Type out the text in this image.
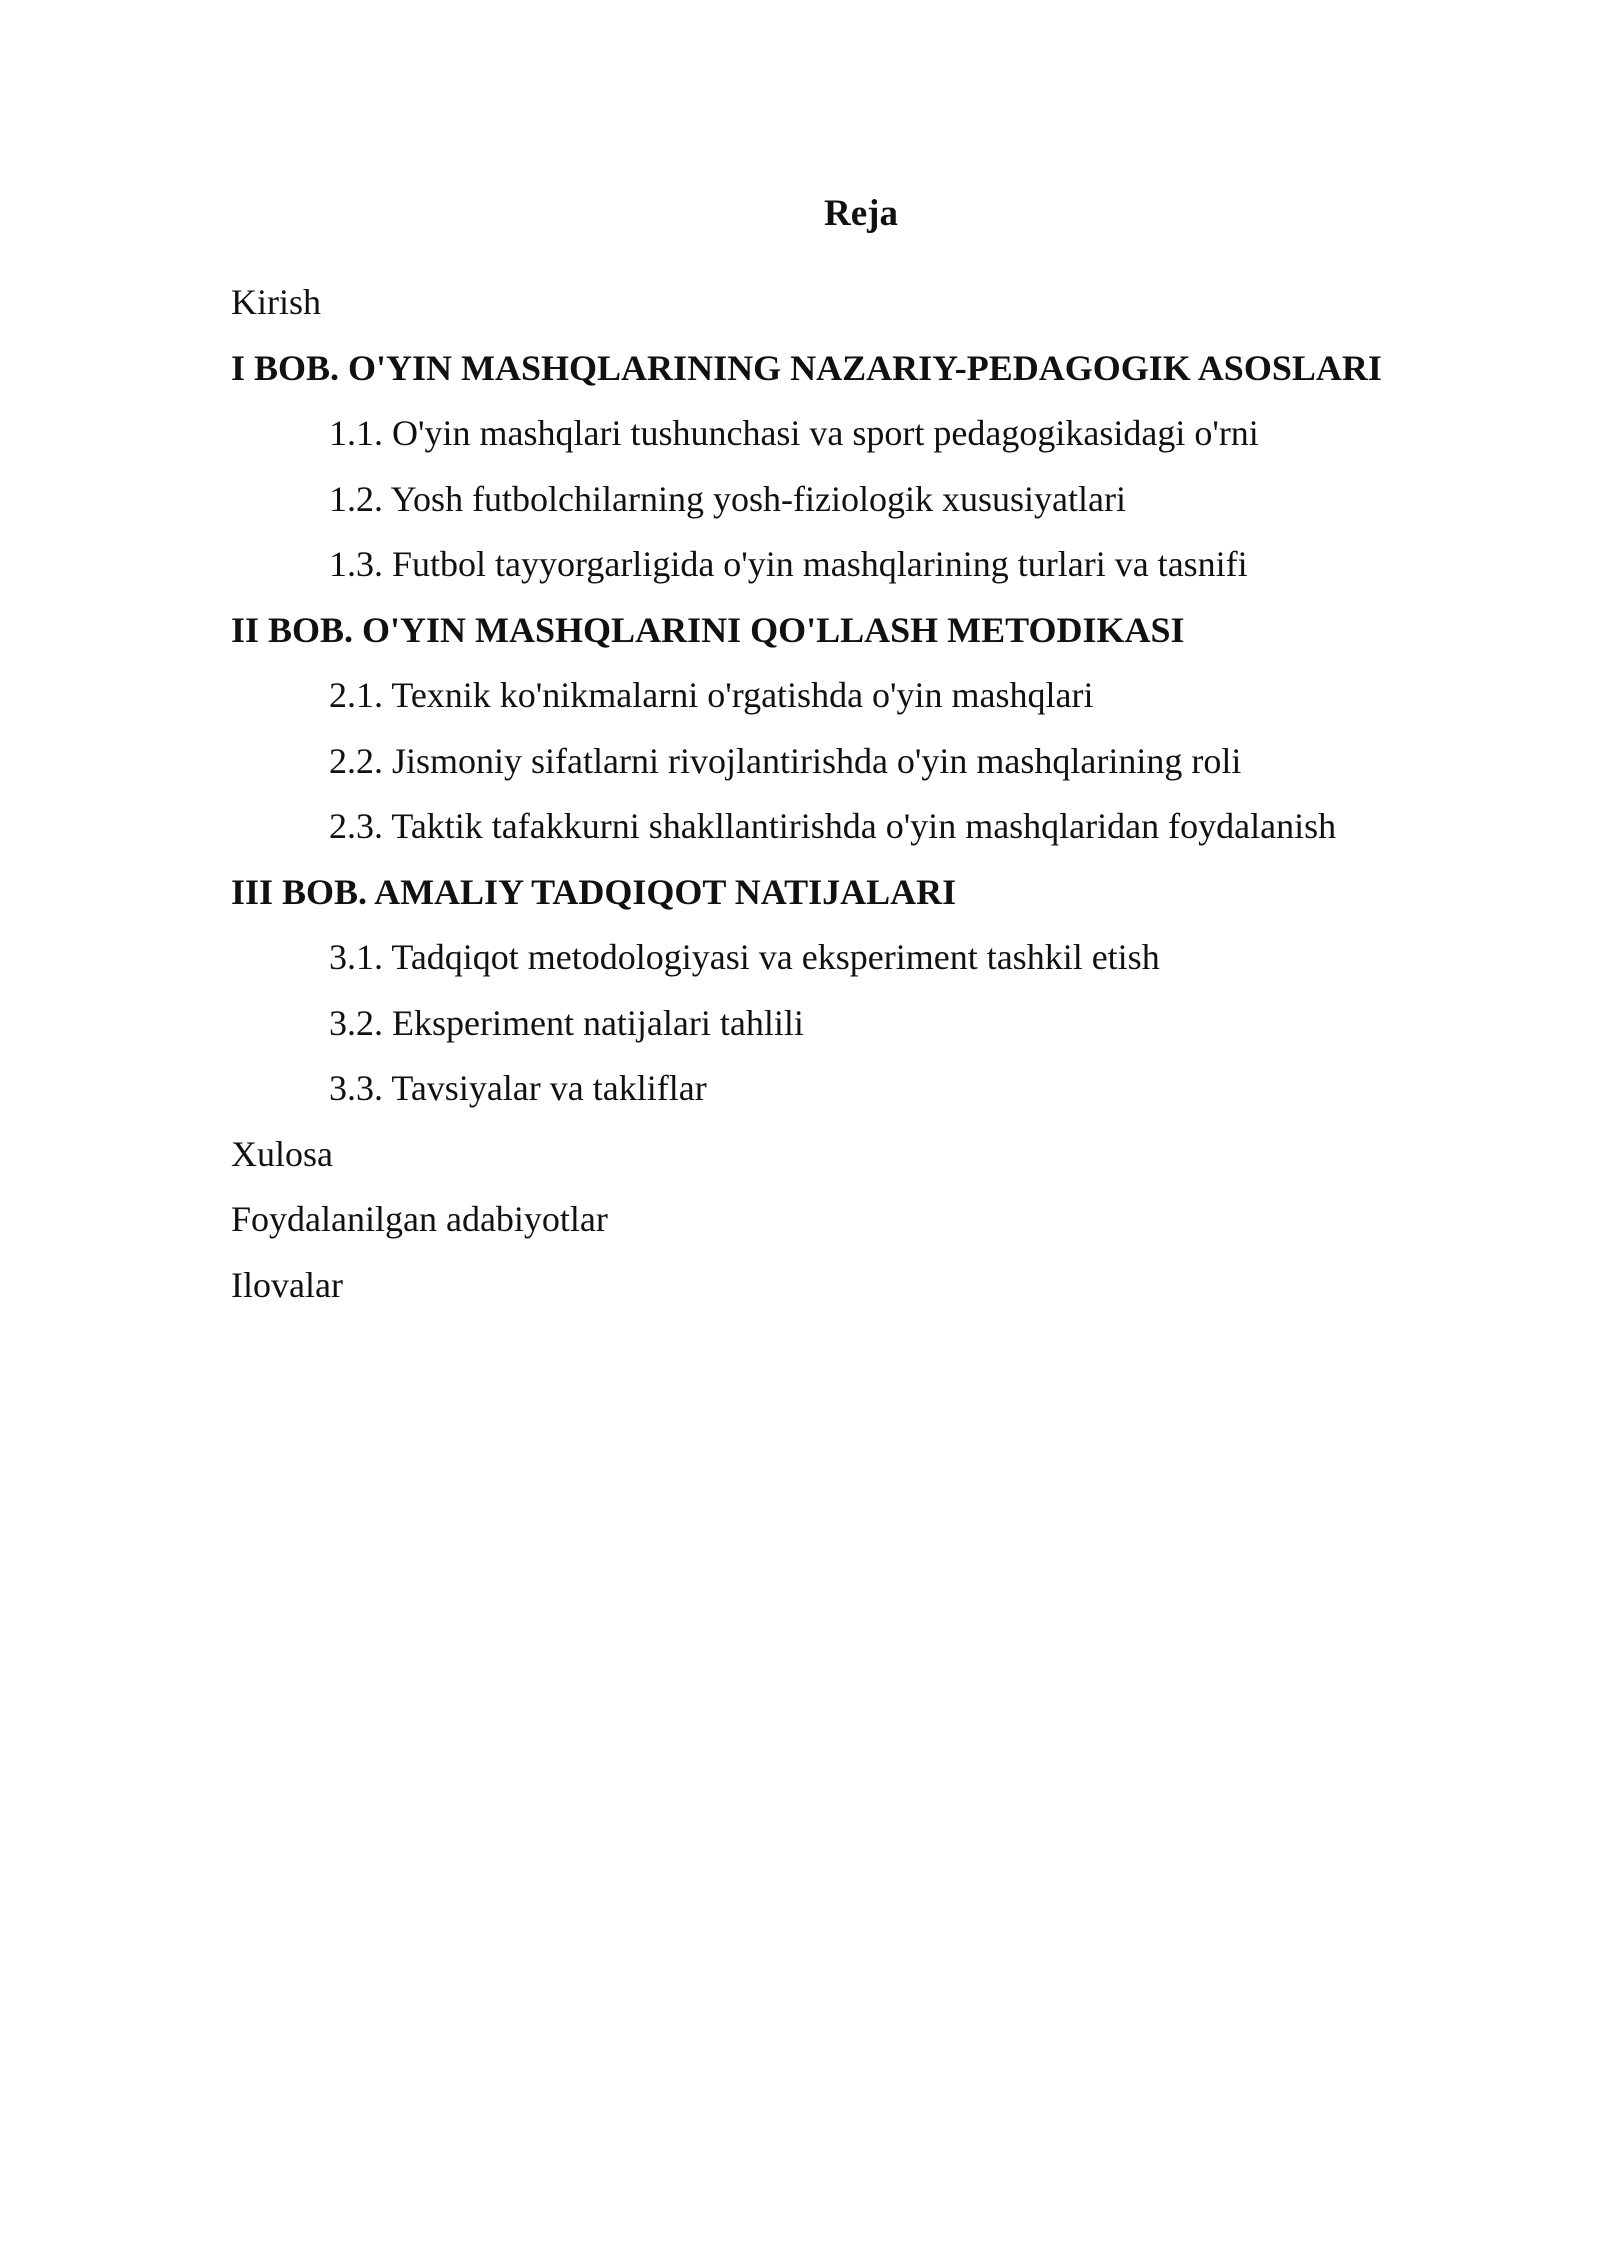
Reja
Kirish
I BOB. O'YIN MASHQLARINING NAZARIY-PEDAGOGIK ASOSLARI
1.1. O'yin mashqlari tushunchasi va sport pedagogikasidagi o'rni
1.2. Yosh futbolchilarning yosh-fiziologik xususiyatlari
1.3. Futbol tayyorgarligida o'yin mashqlarining turlari va tasnifi
II BOB. O'YIN MASHQLARINI QO'LLASH METODIKASI
2.1. Texnik ko'nikmalarni o'rgatishda o'yin mashqlari
2.2. Jismoniy sifatlarni rivojlantirishda o'yin mashqlarining roli
2.3. Taktik tafakkurni shakllantirishda o'yin mashqlaridan foydalanish
III BOB. AMALIY TADQIQOT NATIJALARI
3.1. Tadqiqot metodologiyasi va eksperiment tashkil etish
3.2. Eksperiment natijalari tahlili
3.3. Tavsiyalar va takliflar
Xulosa
Foydalanilgan adabiyotlar
Ilovalar
